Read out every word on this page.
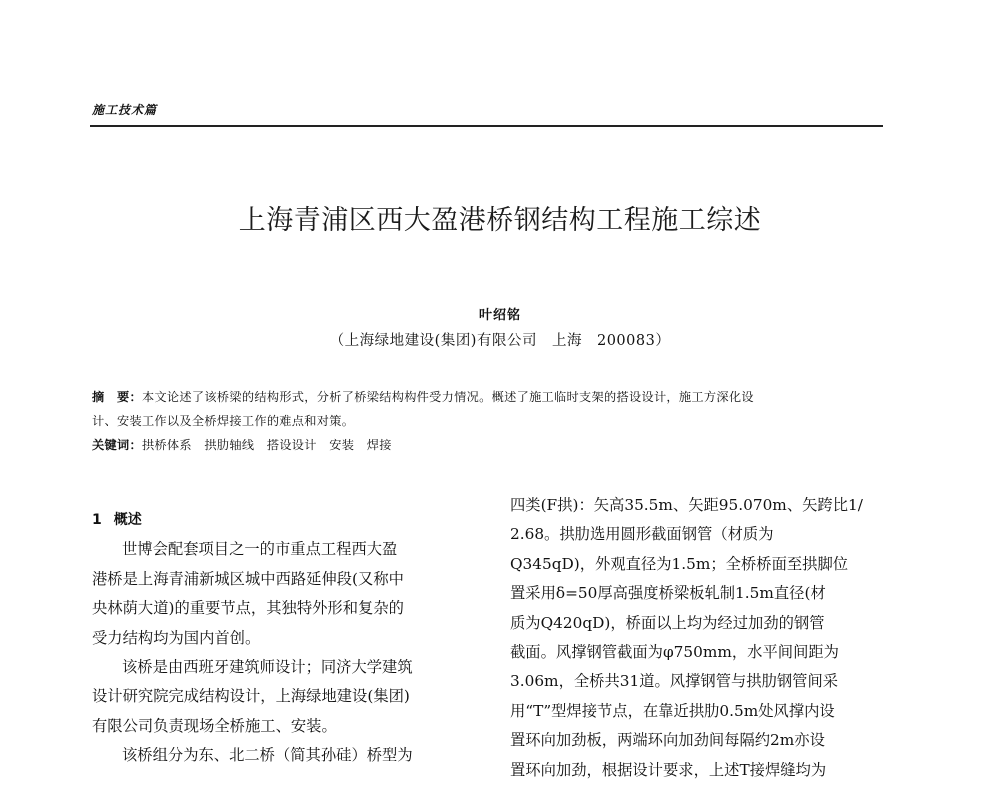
施工技术篇
上海青浦区西大盈港桥钢结构工程施工综述
叶绍铭
（上海绿地建设(集团)有限公司　上海　200083）
摘　要：本文论述了该桥梁的结构形式，分析了桥梁结构构件受力情况。概述了施工临时支架的搭设设计，施工方深化设
计、安装工作以及全桥焊接工作的难点和对策。
关键词：拱桥体系　拱肋轴线　搭设设计　安装　焊接
1 概述
世博会配套项目之一的市重点工程西大盈
港桥是上海青浦新城区城中西路延伸段(又称中
央林荫大道)的重要节点，其独特外形和复杂的
受力结构均为国内首创。
该桥是由西班牙建筑师设计；同济大学建筑
设计研究院完成结构设计，上海绿地建设(集团)
有限公司负责现场全桥施工、安装。
该桥组分为东、北二桥（简其孙硅）桥型为
四类(F拱)：矢高35.5m、矢距95.070m、矢跨比1/
2.68。拱肋选用圆形截面钢管（材质为
Q345qD)，外观直径为1.5m；全桥桥面至拱脚位
置采用δ=50厚高强度桥梁板轧制1.5m直径(材
质为Q420qD)，桥面以上均为经过加劲的钢管
截面。风撑钢管截面为φ750mm，水平间间距为
3.06m，全桥共31道。风撑钢管与拱肋钢管间采
用“T”型焊接节点，在靠近拱肋0.5m处风撑内设
置环向加劲板，两端环向加劲间每隔约2m亦设
置环向加劲，根据设计要求，上述T接焊缝均为
